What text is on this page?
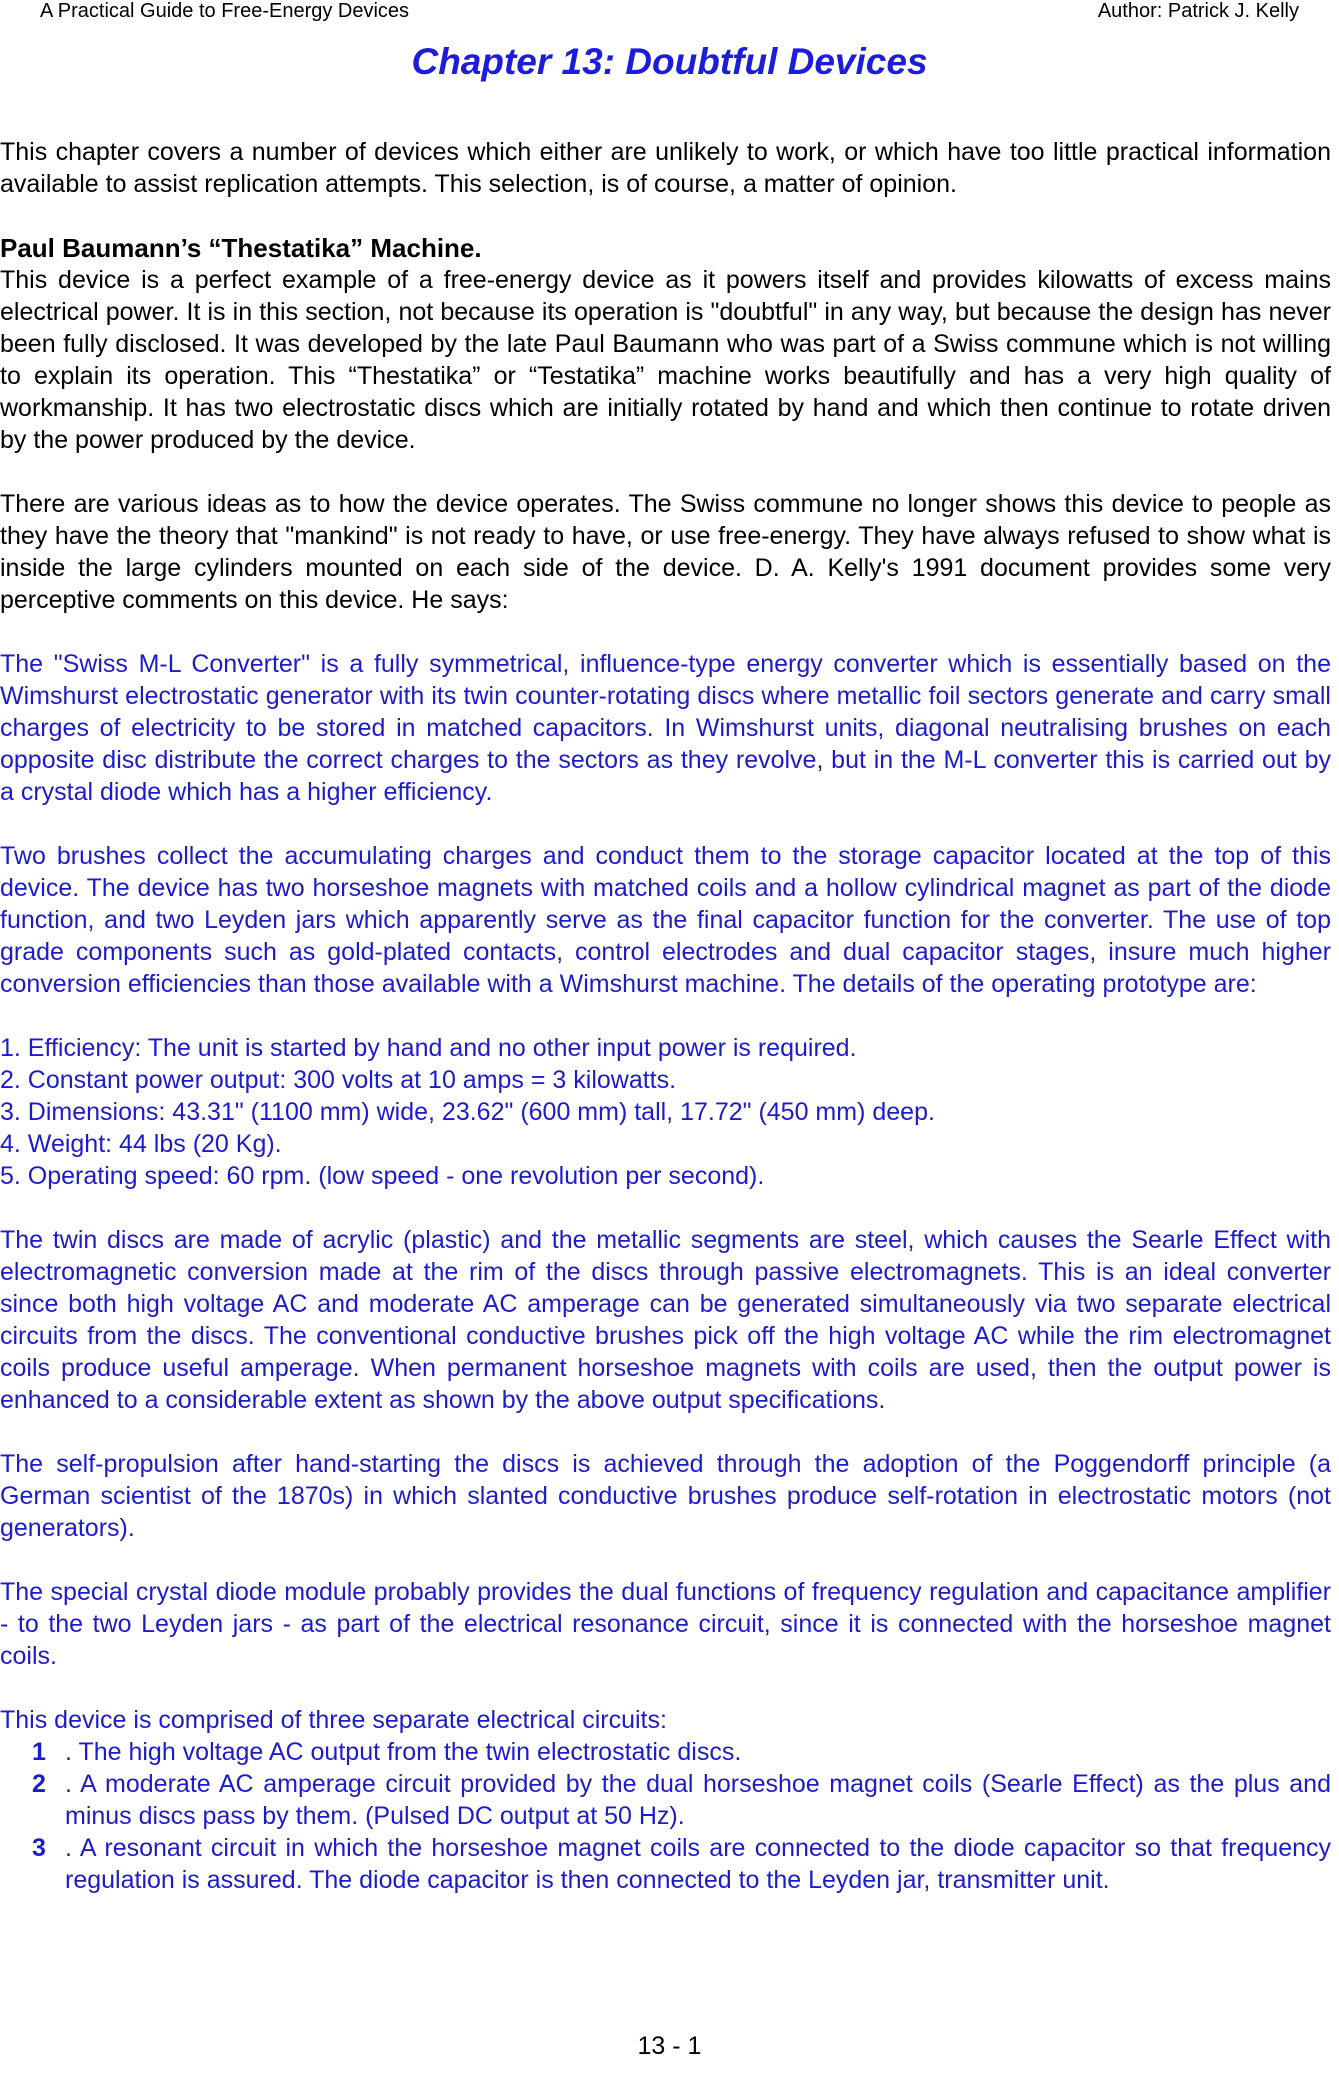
A Practical Guide to Free-Energy Devices	Author: Patrick J. Kelly
Chapter 13: Doubtful Devices

This chapter covers a number of devices which either are unlikely to work, or which have too little practical information available to assist replication attempts. This selection, is of course, a matter of opinion.

Paul Baumann’s “Thestatika” Machine.

This device is a perfect example of a free-energy device as it powers itself and provides kilowatts of excess mains electrical power. It is in this section, not because its operation is "doubtful" in any way, but because the design has never been fully disclosed. It was developed by the late Paul Baumann who was part of a Swiss commune which is not willing to explain its operation. This “Thestatika” or “Testatika” machine works beautifully and has a very high quality of workmanship. It has two electrostatic discs which are initially rotated by hand and which then continue to rotate driven by the power produced by the device.

There are various ideas as to how the device operates. The Swiss commune no longer shows this device to people as they have the theory that "mankind" is not ready to have, or use free-energy. They have always refused to show what is inside the large cylinders mounted on each side of the device. D. A. Kelly's 1991 document provides some very perceptive comments on this device. He says:

The "Swiss M-L Converter" is a fully symmetrical, influence-type energy converter which is essentially based on the Wimshurst electrostatic generator with its twin counter-rotating discs where metallic foil sectors generate and carry small charges of electricity to be stored in matched capacitors. In Wimshurst units, diagonal neutralising brushes on each opposite disc distribute the correct charges to the sectors as they revolve, but in the M-L converter this is carried out by a crystal diode which has a higher efficiency.

Two brushes collect the accumulating charges and conduct them to the storage capacitor located at the top of this device. The device has two horseshoe magnets with matched coils and a hollow cylindrical magnet as part of the diode function, and two Leyden jars which apparently serve as the final capacitor function for the converter. The use of top grade components such as gold-plated contacts, control electrodes and dual capacitor stages, insure much higher conversion efficiencies than those available with a Wimshurst machine. The details of the operating prototype are:

1. Efficiency: The unit is started by hand and no other input power is required.
2. Constant power output: 300 volts at 10 amps = 3 kilowatts.
3. Dimensions: 43.31" (1100 mm) wide, 23.62" (600 mm) tall, 17.72" (450 mm) deep.
4. Weight: 44 lbs (20 Kg).
5. Operating speed: 60 rpm. (low speed - one revolution per second).

The twin discs are made of acrylic (plastic) and the metallic segments are steel, which causes the Searle Effect with electromagnetic conversion made at the rim of the discs through passive electromagnets. This is an ideal converter since both high voltage AC and moderate AC amperage can be generated simultaneously via two separate electrical circuits from the discs. The conventional conductive brushes pick off the high voltage AC while the rim electromagnet coils produce useful amperage. When permanent horseshoe magnets with coils are used, then the output power is enhanced to a considerable extent as shown by the above output specifications.

The self-propulsion after hand-starting the discs is achieved through the adoption of the Poggendorff principle (a German scientist of the 1870s) in which slanted conductive brushes produce self-rotation in electrostatic motors (not generators).

The special crystal diode module probably provides the dual functions of frequency regulation and capacitance amplifier - to the two Leyden jars - as part of the electrical resonance circuit, since it is connected with the horseshoe magnet coils.

This device is comprised of three separate electrical circuits:

1 . The high voltage AC output from the twin electrostatic discs.
2 . A moderate AC amperage circuit provided by the dual horseshoe magnet coils (Searle Effect) as the plus and minus discs pass by them. (Pulsed DC output at 50 Hz).
3 . A resonant circuit in which the horseshoe magnet coils are connected to the diode capacitor so that frequency regulation is assured. The diode capacitor is then connected to the Leyden jar, transmitter unit.
13 - 1
